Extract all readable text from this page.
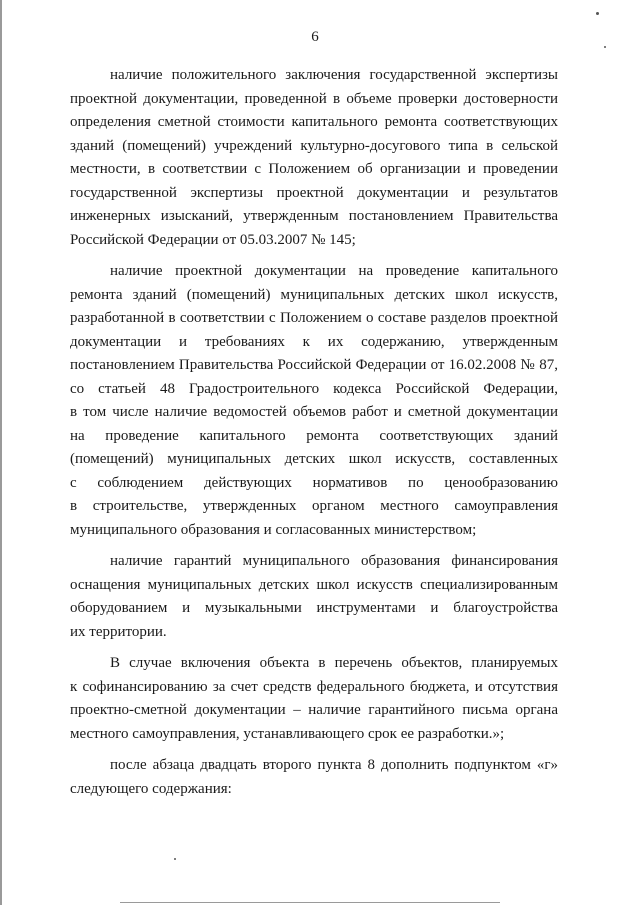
6
наличие положительного заключения государственной экспертизы
проектной документации, проведенной в объеме проверки достоверности
определения сметной стоимости капитального ремонта соответствующих
зданий (помещений) учреждений культурно-досугового типа в сельской
местности, в соответствии с Положением об организации и проведении
государственной экспертизы проектной документации и результатов
инженерных изысканий, утвержденным постановлением Правительства
Российской Федерации от 05.03.2007 № 145;
наличие проектной документации на проведение капитального
ремонта зданий (помещений) муниципальных детских школ искусств,
разработанной в соответствии с Положением о составе разделов проектной
документации и требованиях к их содержанию, утвержденным
постановлением Правительства Российской Федерации от 16.02.2008 № 87,
со статьей 48 Градостроительного кодекса Российской Федерации,
в том числе наличие ведомостей объемов работ и сметной документации
на проведение капитального ремонта соответствующих зданий
(помещений) муниципальных детских школ искусств, составленных
с соблюдением действующих нормативов по ценообразованию
в строительстве, утвержденных органом местного самоуправления
муниципального образования и согласованных министерством;
наличие гарантий муниципального образования финансирования
оснащения муниципальных детских школ искусств специализированным
оборудованием и музыкальными инструментами и благоустройства
их территории.
В случае включения объекта в перечень объектов, планируемых
к софинансированию за счет средств федерального бюджета, и отсутствия
проектно-сметной документации – наличие гарантийного письма органа
местного самоуправления, устанавливающего срок ее разработки.»;
после абзаца двадцать второго пункта 8 дополнить подпунктом «г»
следующего содержания:
